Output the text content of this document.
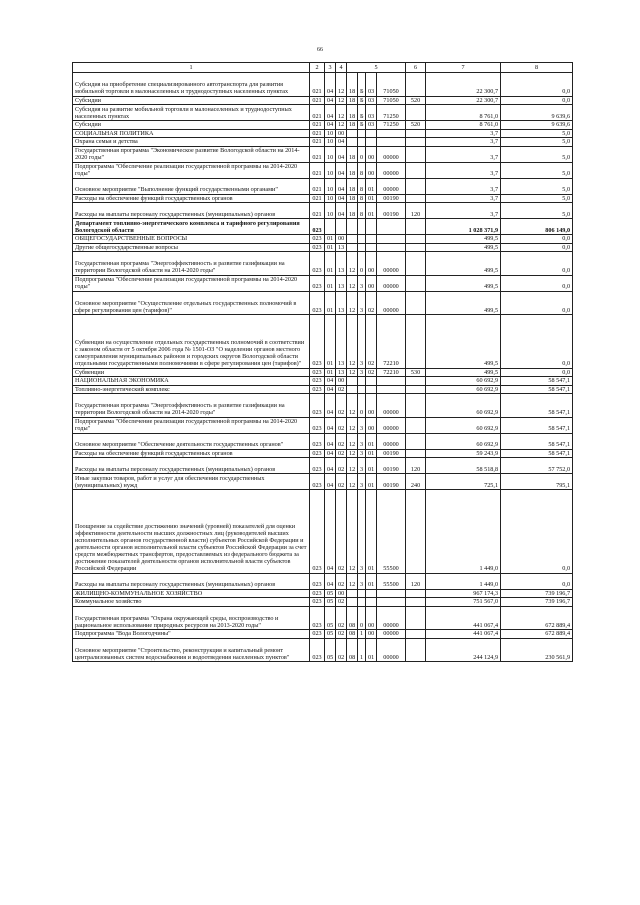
66
1	2	3	4	5				6	7	8
Субсидия на приобретение специализированного автотранспорта для развития мобильной торговли в малонаселенных и труднодоступных населенных пунктах	021	04	12	18	Б	03	71050		22 300,7	0,0
Субсидии	021	04	12	18	Б	03	71050	520	22 300,7	0,0
Субсидия на развитие мобильной торговли в малонаселенных и труднодоступных населенных пунктах	021	04	12	18	Б	03	71250		8 761,0	9 639,6
Субсидии	021	04	12	18	Б	03	71250	520	8 761,0	9 639,6
СОЦИАЛЬНАЯ ПОЛИТИКА	021	10	00						3,7	5,0
Охрана семьи и детства	021	10	04						3,7	5,0
Государственная программа "Экономическое развитие Вологодской области на 2014-2020 годы"	021	10	04	18	0	00	00000		3,7	5,0
Подпрограмма "Обеспечение реализации государственной программы на 2014-2020 годы"	021	10	04	18	8	00	00000		3,7	5,0
Основное мероприятие "Выполнение функций государственными органами"	021	10	04	18	8	01	00000		3,7	5,0
Расходы на обеспечение функций государственных органов	021	10	04	18	8	01	00190		3,7	5,0
Расходы на выплаты персоналу государственных (муниципальных) органов	021	10	04	18	8	01	00190	120	3,7	5,0
Департамент топливно-энергетического комплекса и тарифного регулирования Вологодской области	023								1 028 371,9	806 149,0
ОБЩЕГОСУДАРСТВЕННЫЕ ВОПРОСЫ	023	01	00						499,5	0,0
Другие общегосударственные вопросы	023	01	13						499,5	0,0
Государственная программа "Энергоэффективность и развитие газификации на территории Вологодской области на 2014-2020 годы"	023	01	13	12	0	00	00000		499,5	0,0
Подпрограмма "Обеспечение реализации государственной программы на 2014-2020 годы"	023	01	13	12	3	00	00000		499,5	0,0
Основное мероприятие "Осуществление отдельных государственных полномочий в сфере регулирования цен (тарифов)"	023	01	13	12	3	02	00000		499,5	0,0
Субвенции на осуществление отдельных государственных полномочий в соответствии с законом области от 5 октября 2006 года № 1501-ОЗ "О наделении органов местного самоуправления муниципальных районов и городских округов Вологодской области отдельными государственными полномочиями в сфере регулирования цен (тарифов)"	023	01	13	12	3	02	72210		499,5	0,0
Субвенции	023	01	13	12	3	02	72210	530	499,5	0,0
НАЦИОНАЛЬНАЯ ЭКОНОМИКА	023	04	00						60 692,9	58 547,1
Топливно-энергетический комплекс	023	04	02						60 692,9	58 547,1
Государственная программа "Энергоэффективность и развитие газификации на территории Вологодской области на 2014-2020 годы"	023	04	02	12	0	00	00000		60 692,9	58 547,1
Подпрограмма "Обеспечение реализации государственной программы на 2014-2020 годы"	023	04	02	12	3	00	00000		60 692,9	58 547,1
Основное мероприятие "Обеспечение деятельности государственных органов"	023	04	02	12	3	01	00000		60 692,9	58 547,1
Расходы на обеспечение функций государственных органов	023	04	02	12	3	01	00190		59 243,9	58 547,1
Расходы на выплаты персоналу государственных (муниципальных) органов	023	04	02	12	3	01	00190	120	58 518,8	57 752,0
Иные закупки товаров, работ и услуг для обеспечения государственных (муниципальных) нужд	023	04	02	12	3	01	00190	240	725,1	795,1
Поощрение за содействие достижению значений (уровней) показателей для оценки эффективности деятельности высших должностных лиц (руководителей высших исполнительных органов государственной власти) субъектов Российской Федерации и деятельности органов исполнительной власти субъектов Российской Федерации за счет средств межбюджетных трансфертов, предоставляемых из федерального бюджета за достижение показателей деятельности органов исполнительной власти субъектов Российской Федерации	023	04	02	12	3	01	55500		1 449,0	0,0
Расходы на выплаты персоналу государственных (муниципальных) органов	023	04	02	12	3	01	55500	120	1 449,0	0,0
ЖИЛИЩНО-КОММУНАЛЬНОЕ ХОЗЯЙСТВО	023	05	00						967 174,3	739 196,7
Коммунальное хозяйство	023	05	02						751 567,0	739 196,7
Государственная программа "Охрана окружающей среды, воспроизводство и рациональное использование природных ресурсов на 2013-2020 годы"	023	05	02	08	0	00	00000		441 067,4	672 889,4
Подпрограмма "Вода Вологодчины"	023	05	02	08	1	00	00000		441 067,4	672 889,4
Основное мероприятие "Строительство, реконструкция и капитальный ремонт централизованных систем водоснабжения и водоотведения населенных пунктов"	023	05	02	08	1	01	00000		244 124,9	230 561,9
